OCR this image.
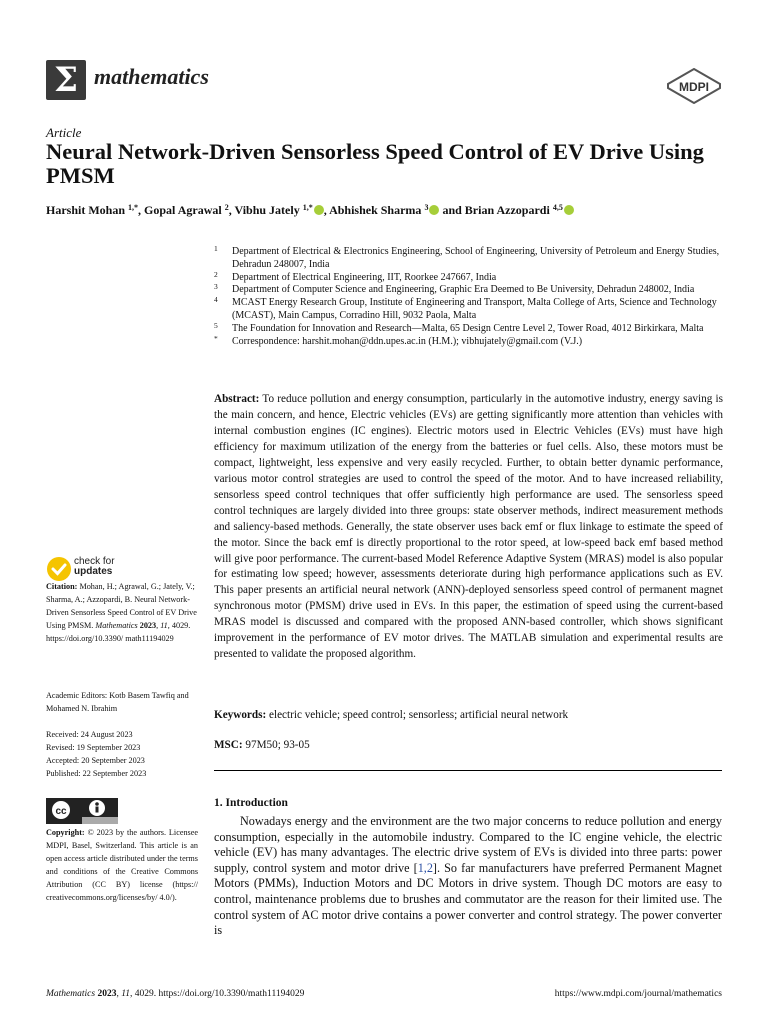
Σ mathematics	MDPI
Article
Neural Network-Driven Sensorless Speed Control of EV Drive Using PMSM
Harshit Mohan $^{1,*}$, Gopal Agrawal $^2$, Vibhu Jately $^{1,*}$ , Abhishek Sharma $^3$ and Brian Azzopardi $^{4,5}$
1 Department of Electrical & Electronics Engineering, School of Engineering, University of Petroleum and Energy Studies, Dehradun 248007, India
2 Department of Electrical Engineering, IIT, Roorkee 247667, India
3 Department of Computer Science and Engineering, Graphic Era Deemed to Be University, Dehradun 248002, India
4 MCAST Energy Research Group, Institute of Engineering and Transport, Malta College of Arts, Science and Technology (MCAST), Main Campus, Corradino Hill, 9032 Paola, Malta
5 The Foundation for Innovation and Research—Malta, 65 Design Centre Level 2, Tower Road, 4012 Birkirkara, Malta
* Correspondence: harshit.mohan@ddn.upes.ac.in (H.M.); vibhujately@gmail.com (V.J.)
Abstract: To reduce pollution and energy consumption, particularly in the automotive industry, energy saving is the main concern, and hence, Electric vehicles (EVs) are getting significantly more attention than vehicles with internal combustion engines (IC engines). Electric motors used in Electric Vehicles (EVs) must have high efficiency for maximum utilization of the energy from the batteries or fuel cells. Also, these motors must be compact, lightweight, less expensive and very easily recycled. Further, to obtain better dynamic performance, various motor control strategies are used to control the speed of the motor. And to have increased reliability, sensorless speed control techniques that offer sufficiently high performance are used. The sensorless speed control techniques are largely divided into three groups: state observer methods, indirect measurement methods and saliency-based methods. Generally, the state observer uses back emf or flux linkage to estimate the speed of the motor. Since the back emf is directly proportional to the rotor speed, at low-speed back emf based method will give poor performance. The current-based Model Reference Adaptive System (MRAS) model is also popular for estimating low speed; however, assessments deteriorate during high performance applications such as EV. This paper presents an artificial neural network (ANN)-deployed sensorless speed control of permanent magnet synchronous motor (PMSM) drive used in EVs. In this paper, the estimation of speed using the current-based MRAS model is discussed and compared with the proposed ANN-based controller, which shows significant improvement in the performance of EV motor drives. The MATLAB simulation and experimental results are presented to validate the proposed algorithm.
Keywords: electric vehicle; speed control; sensorless; artificial neural network
MSC: 97M50; 93-05
1. Introduction
Nowadays energy and the environment are the two major concerns to reduce pollution and energy consumption, especially in the automobile industry. Compared to the IC engine vehicle, the electric vehicle (EV) has many advantages. The electric drive system of EVs is divided into three parts: power supply, control system and motor drive [1,2]. So far manufacturers have preferred Permanent Magnet Motors (PMMs), Induction Motors and DC Motors in drive system. Though DC motors are easy to control, maintenance problems due to brushes and commutator are the reason for their limited use. The control system of AC motor drive contains a power converter and control strategy. The power converter is
check for
updates
Citation: Mohan, H.; Agrawal, G.; Jately, V.; Sharma, A.; Azzopardi, B. Neural Network-Driven Sensorless Speed Control of EV Drive Using PMSM. Mathematics 2023, 11, 4029. https://doi.org/10.3390/ math11194029
Academic Editors: Kotb Basem Tawfiq and Mohamed N. Ibrahim
Received: 24 August 2023
Revised: 19 September 2023
Accepted: 20 September 2023
Published: 22 September 2023
cc
Copyright: © 2023 by the authors. Licensee MDPI, Basel, Switzerland. This article is an open access article distributed under the terms and conditions of the Creative Commons Attribution (CC BY) license (https:// creativecommons.org/licenses/by/ 4.0/).
Mathematics 2023, 11, 4029. https://doi.org/10.3390/math11194029	https://www.mdpi.com/journal/mathematics
